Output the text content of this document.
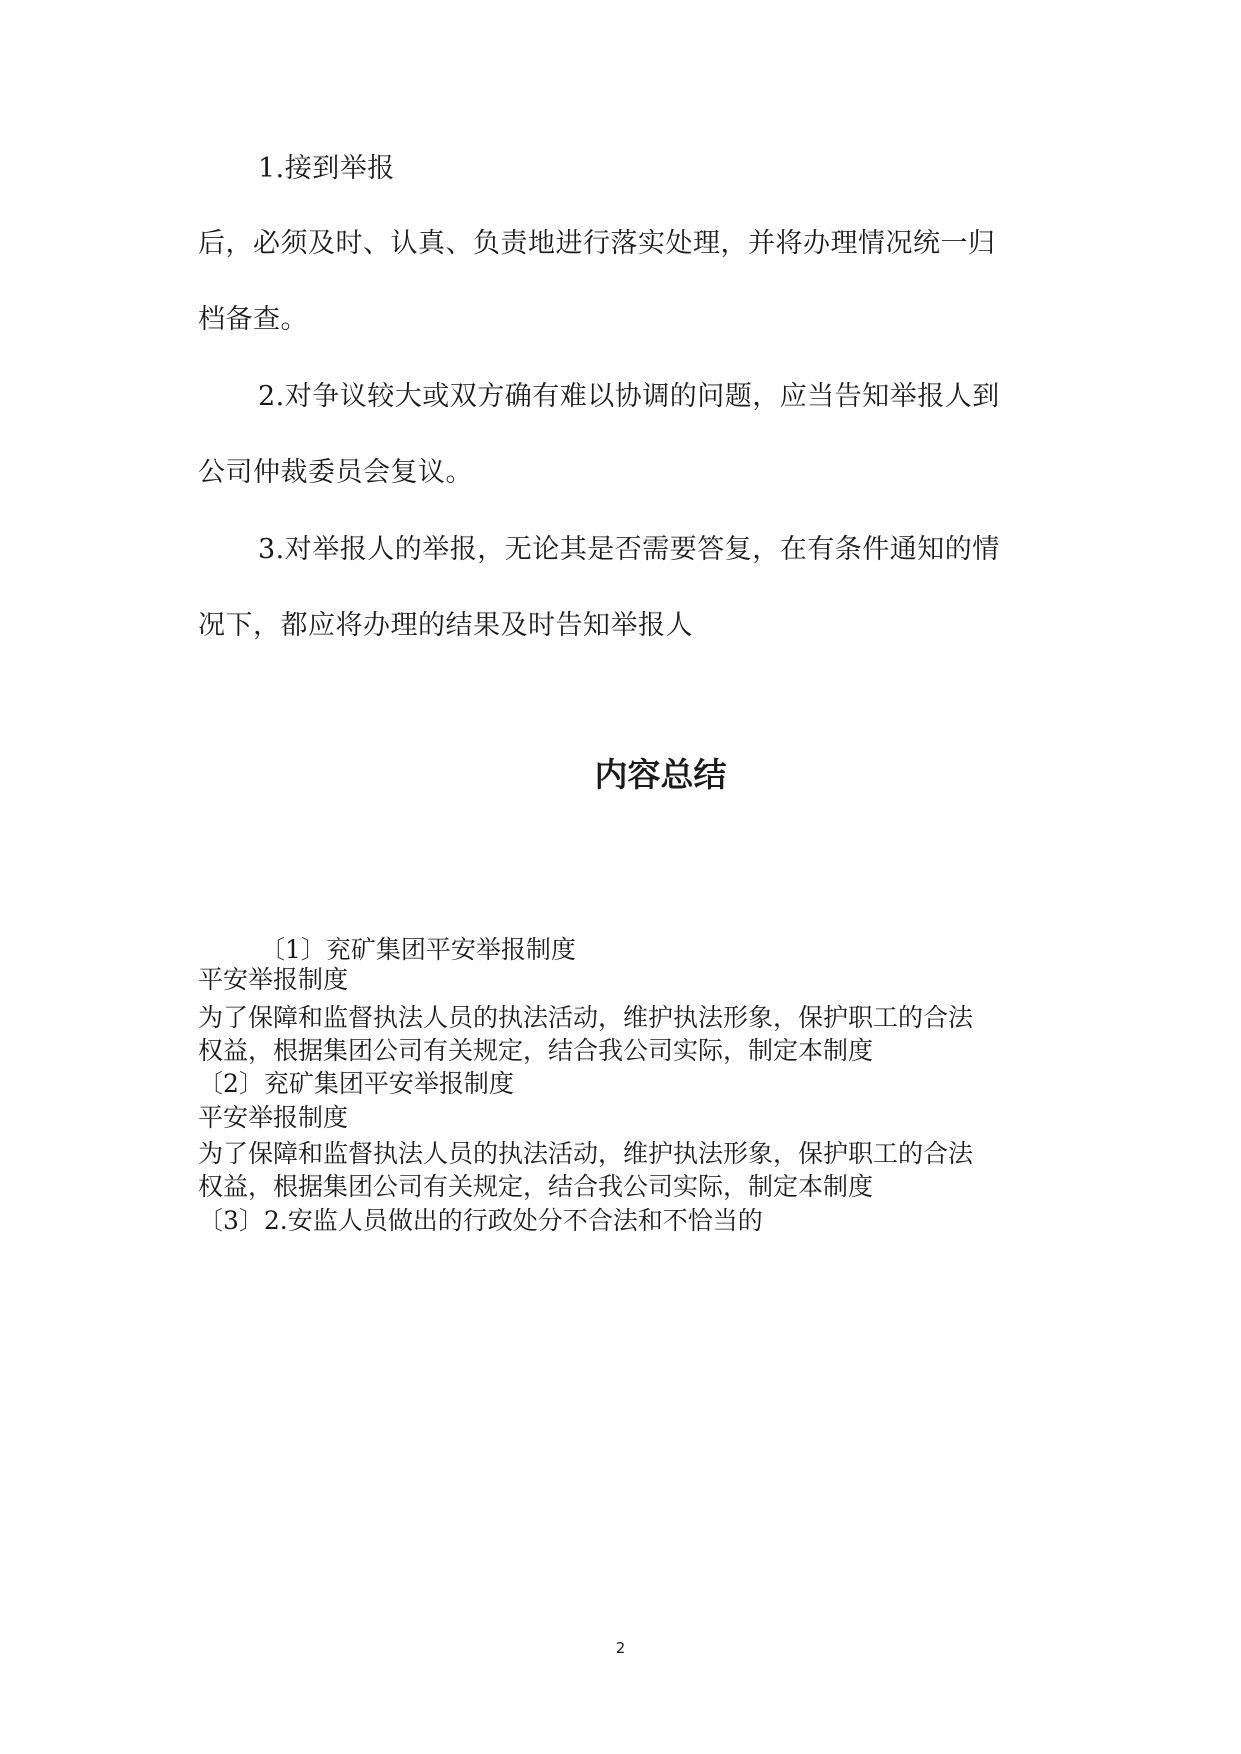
1.接到举报
后，必须及时、认真、负责地进行落实处理，并将办理情况统一归
档备查。
2.对争议较大或双方确有难以协调的问题，应当告知举报人到
公司仲裁委员会复议。
3.对举报人的举报，无论其是否需要答复，在有条件通知的情
况下，都应将办理的结果及时告知举报人
内容总结
〔1〕兖矿集团平安举报制度
平安举报制度
为了保障和监督执法人员的执法活动，维护执法形象，保护职工的合法
权益，根据集团公司有关规定，结合我公司实际，制定本制度
〔2〕兖矿集团平安举报制度
平安举报制度
为了保障和监督执法人员的执法活动，维护执法形象，保护职工的合法
权益，根据集团公司有关规定，结合我公司实际，制定本制度
〔3〕2.安监人员做出的行政处分不合法和不恰当的
2
